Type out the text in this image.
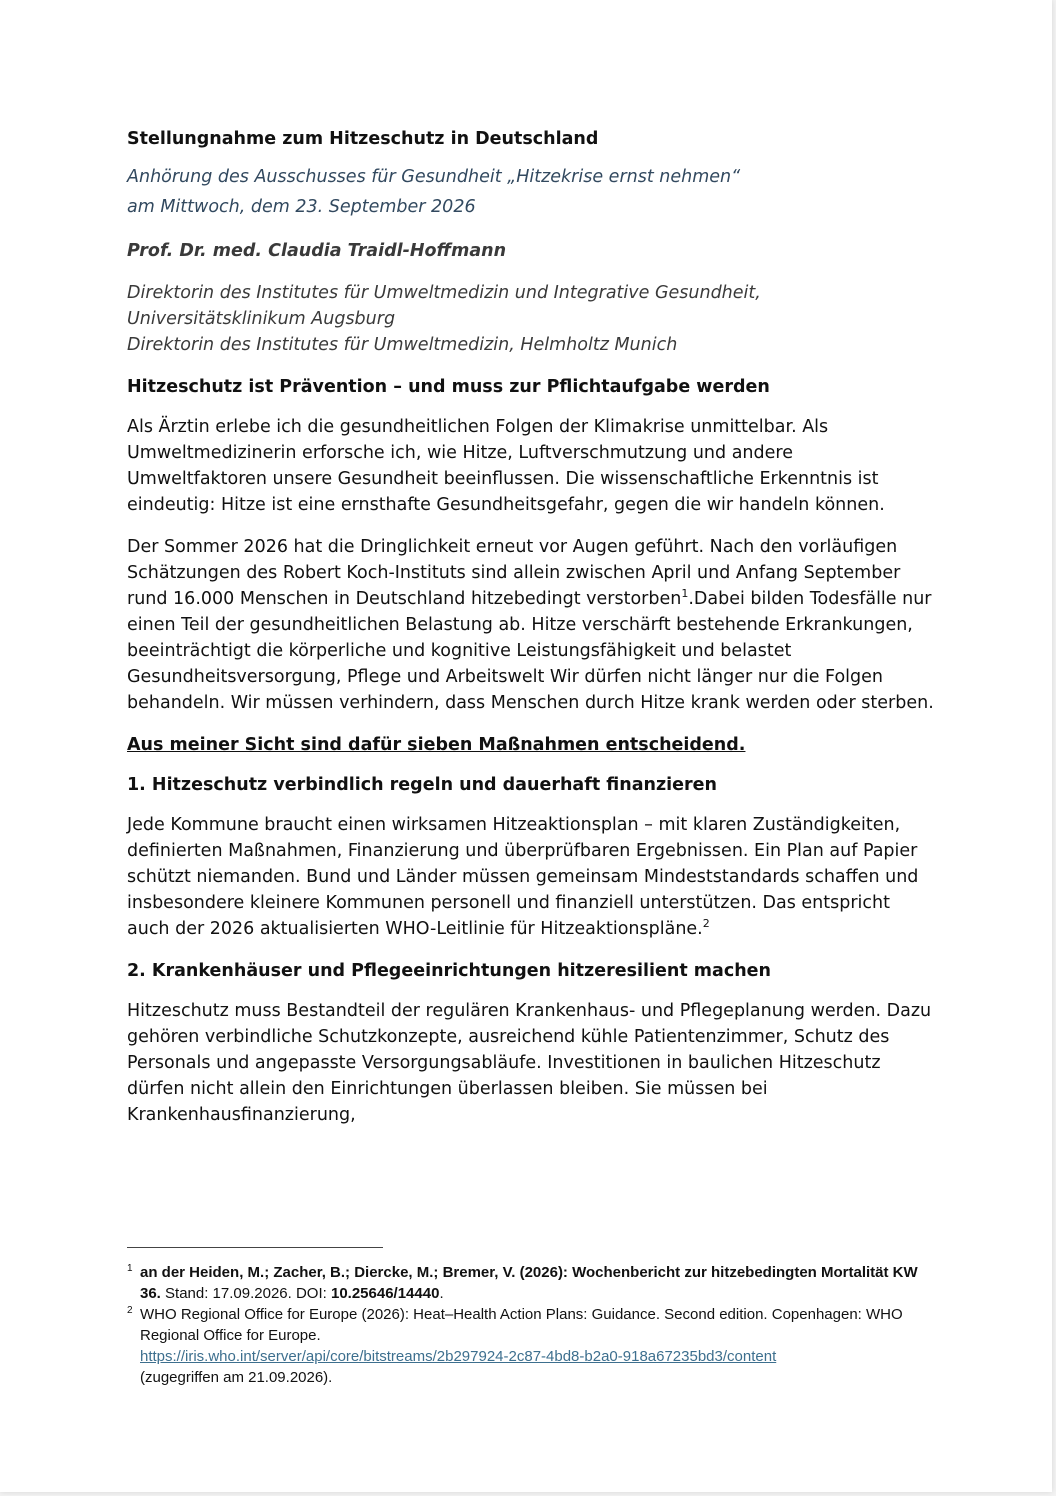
Stellungnahme zum Hitzeschutz in Deutschland
Anhörung des Ausschusses für Gesundheit „Hitzekrise ernst nehmen“
am Mittwoch, dem 23. September 2026
Prof. Dr. med. Claudia Traidl-Hoffmann
Direktorin des Institutes für Umweltmedizin und Integrative Gesundheit, Universitätsklinikum Augsburg
Direktorin des Institutes für Umweltmedizin, Helmholtz Munich
Hitzeschutz ist Prävention – und muss zur Pflichtaufgabe werden

Als Ärztin erlebe ich die gesundheitlichen Folgen der Klimakrise unmittelbar. Als Umweltmedizinerin erforsche ich, wie Hitze, Luftverschmutzung und andere Umweltfaktoren unsere Gesundheit beeinflussen. Die wissenschaftliche Erkenntnis ist eindeutig: Hitze ist eine ernsthafte Gesundheitsgefahr, gegen die wir handeln können.

Der Sommer 2026 hat die Dringlichkeit erneut vor Augen geführt. Nach den vorläufigen Schätzungen des Robert Koch-Instituts sind allein zwischen April und Anfang September rund 16.000 Menschen in Deutschland hitzebedingt verstorben$^1$.Dabei bilden Todesfälle nur einen Teil der gesundheitlichen Belastung ab. Hitze verschärft bestehende Erkrankungen, beeinträchtigt die körperliche und kognitive Leistungsfähigkeit und belastet Gesundheitsversorgung, Pflege und Arbeitswelt Wir dürfen nicht länger nur die Folgen behandeln. Wir müssen verhindern, dass Menschen durch Hitze krank werden oder sterben.

Aus meiner Sicht sind dafür sieben Maßnahmen entscheidend.
1. Hitzeschutz verbindlich regeln und dauerhaft finanzieren

Jede Kommune braucht einen wirksamen Hitzeaktionsplan – mit klaren Zuständigkeiten, definierten Maßnahmen, Finanzierung und überprüfbaren Ergebnissen. Ein Plan auf Papier schützt niemanden. Bund und Länder müssen gemeinsam Mindeststandards schaffen und insbesondere kleinere Kommunen personell und finanziell unterstützen. Das entspricht auch der 2026 aktualisierten WHO-Leitlinie für Hitzeaktionspläne.$^2$

2. Krankenhäuser und Pflegeeinrichtungen hitzeresilient machen

Hitzeschutz muss Bestandteil der regulären Krankenhaus- und Pflegeplanung werden. Dazu gehören verbindliche Schutzkonzepte, ausreichend kühle Patientenzimmer, Schutz des Personals und angepasste Versorgungsabläufe. Investitionen in baulichen Hitzeschutz dürfen nicht allein den Einrichtungen überlassen bleiben. Sie müssen bei Krankenhausfinanzierung,

1 an der Heiden, M.; Zacher, B.; Diercke, M.; Bremer, V. (2026): Wochenbericht zur hitzebedingten Mortalität KW 36. Stand: 17.09.2026. DOI: 10.25646/14440.
2 WHO Regional Office for Europe (2026): Heat–Health Action Plans: Guidance. Second edition. Copenhagen: WHO Regional Office for Europe.
https://iris.who.int/server/api/core/bitstreams/2b297924-2c87-4bd8-b2a0-918a67235bd3/content
(zugegriffen am 21.09.2026).
